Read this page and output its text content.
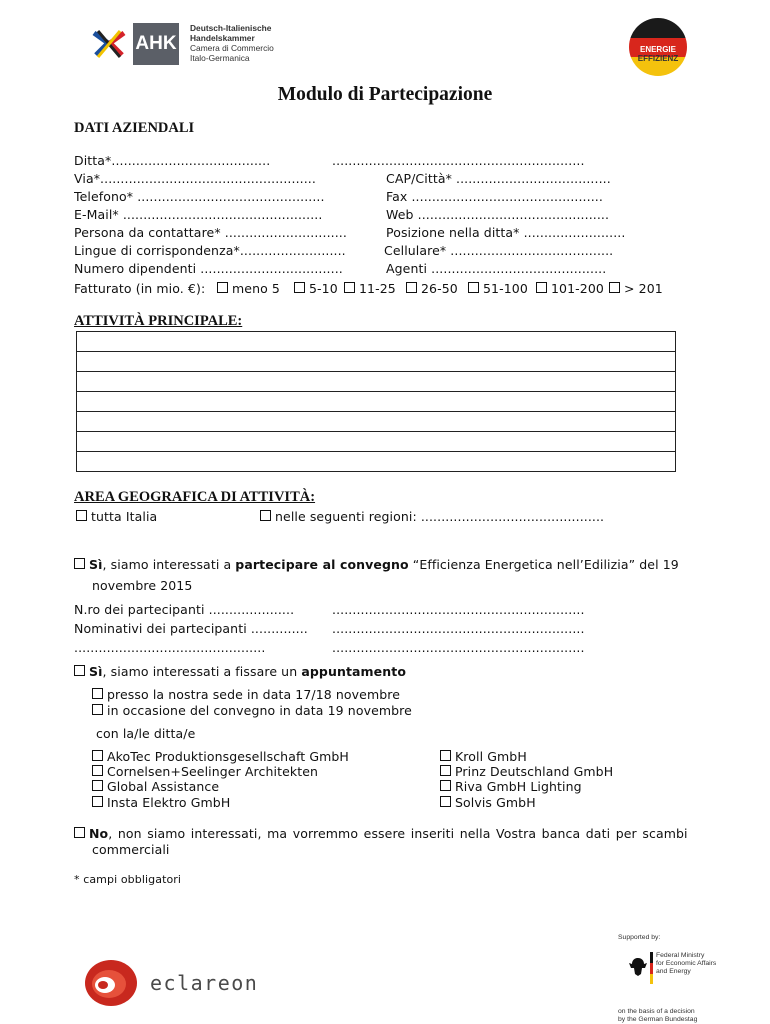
AHK
Deutsch-Italienische
Handelskammer
Camera di Commercio
Italo-Germanica
ENERGIE
EFFIZIENZ
Modulo di Partecipazione
DATI AZIENDALI
Ditta*.......................................	..............................................................
Via*.....................................................	CAP/Città* ......................................
Telefono* ..............................................	Fax ...............................................
E-Mail* .................................................	Web ...............................................
Persona da contattare* ..............................	Posizione nella ditta* .........................
Lingue di corrispondenza*..........................	Cellulare* ........................................
Numero dipendenti ...................................	Agenti ...........................................
Fatturato (in mio. €):	meno 5	5-10	11-25	26-50	51-100	101-200	> 201
ATTIVITÀ PRINCIPALE:

AREA GEOGRAFICA DI ATTIVITÀ:
tutta Italia	nelle seguenti regioni: .............................................
Sì, siamo interessati a partecipare al convegno “Efficienza Energetica nell’Edilizia” del 19
novembre 2015
N.ro dei partecipanti .....................	..............................................................
Nominativi dei partecipanti .............. ..............................................................
...............................................	..............................................................
Sì, siamo interessati a fissare un appuntamento
presso la nostra sede in data 17/18 novembre
in occasione del convegno in data 19 novembre
con la/le ditta/e
AkoTec Produktionsgesellschaft GmbH
Cornelsen+Seelinger Architekten
Global Assistance
Insta Elektro GmbH
Kroll GmbH
Prinz Deutschland GmbH
Riva GmbH Lighting
Solvis GmbH
No, non siamo interessati, ma vorremmo essere inseriti nella Vostra banca dati per scambi
commerciali
* campi obbligatori
eclareon
Supported by:
Federal Ministry
for Economic Affairs
and Energy
on the basis of a decision
by the German Bundestag
